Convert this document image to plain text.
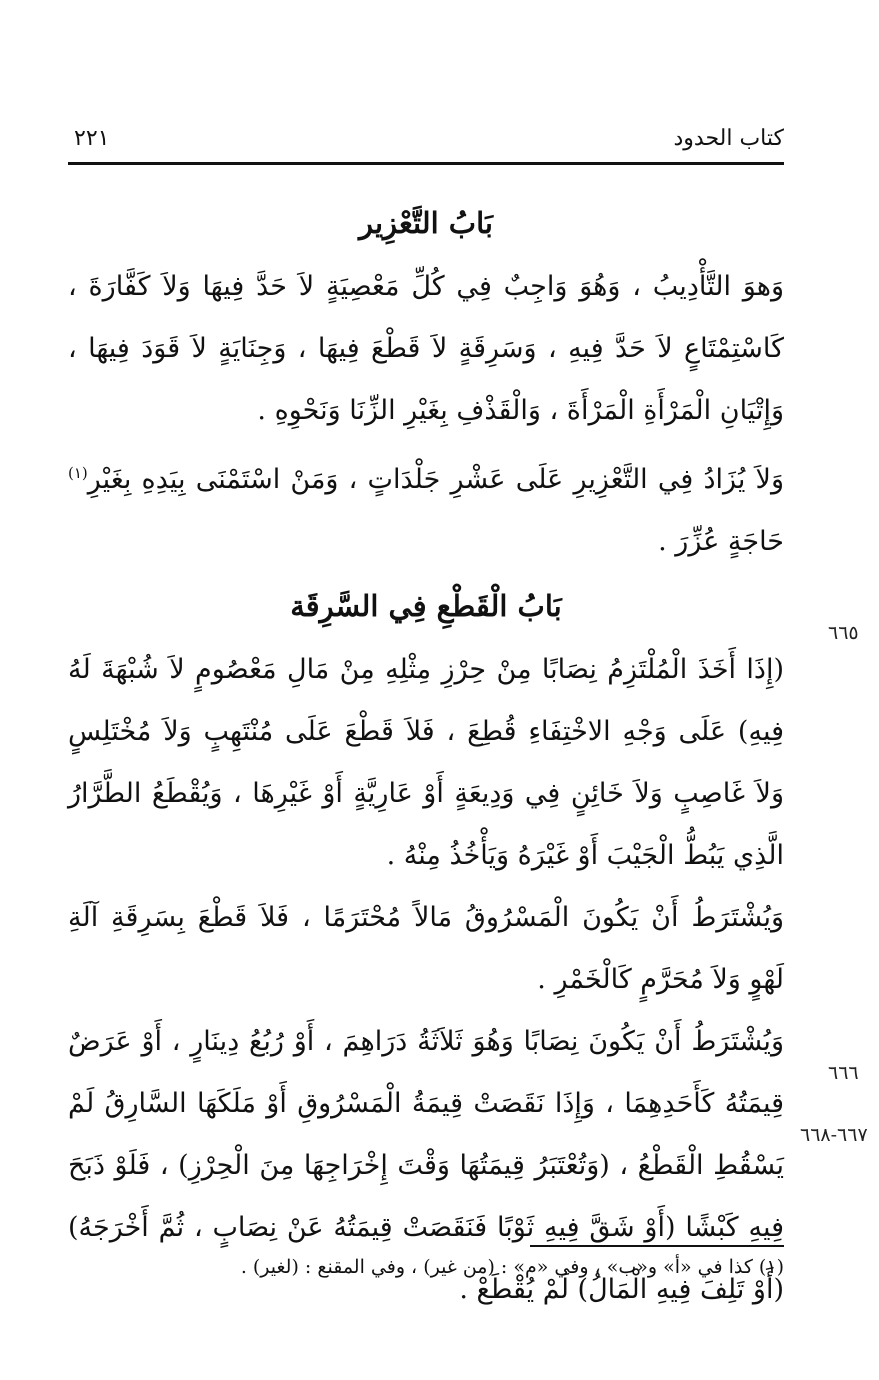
كتاب الحدود
٢٢١
بَابُ التَّعْزِير

وَهوَ التَّأْدِيبُ ، وَهُوَ وَاجِبٌ فِي كُلِّ مَعْصِيَةٍ لاَ حَدَّ فِيهَا وَلاَ كَفَّارَةَ ، كَاسْتِمْتَاعٍ لاَ حَدَّ فِيهِ ، وَسَرِقَةٍ لاَ قَطْعَ فِيهَا ، وَجِنَايَةٍ لاَ قَوَدَ فِيهَا ، وَإِتْيَانِ الْمَرْأَةِ الْمَرْأَةَ ، وَالْقَذْفِ بِغَيْرِ الزِّنَا وَنَحْوِهِ .

وَلاَ يُزَادُ فِي التَّعْزِيرِ عَلَى عَشْرِ جَلْدَاتٍ ، وَمَنْ اسْتَمْنَى بِيَدِهِ بِغَيْرِ$^{(١)}$ حَاجَةٍ عُزِّرَ .

بَابُ الْقَطْعِ فِي السَّرِقَة

(إِذَا أَخَذَ الْمُلْتَزِمُ نِصَابًا مِنْ حِرْزِ مِثْلِهِ مِنْ مَالِ مَعْصُومٍ لاَ شُبْهَةَ لَهُ فِيهِ) عَلَى وَجْهِ الاخْتِفَاءِ قُطِعَ ، فَلاَ قَطْعَ عَلَى مُنْتَهِبٍ وَلاَ مُخْتَلِسٍ وَلاَ غَاصِبٍ وَلاَ خَائِنٍ فِي وَدِيعَةٍ أَوْ عَارِيَّةٍ أَوْ غَيْرِهَا ، وَيُقْطَعُ الطَّرَّارُ الَّذِي يَبُطُّ الْجَيْبَ أَوْ غَيْرَهُ وَيَأْخُذُ مِنْهُ .

وَيُشْتَرَطُ أَنْ يَكُونَ الْمَسْرُوقُ مَالاً مُحْتَرَمًا ، فَلاَ قَطْعَ بِسَرِقَةِ آلَةِ لَهْوٍ وَلاَ مُحَرَّمٍ كَالْخَمْرِ .

وَيُشْتَرَطُ أَنْ يَكُونَ نِصَابًا وَهُوَ ثَلاَثَةُ دَرَاهِمَ ، أَوْ رُبُعُ دِينَارٍ ، أَوْ عَرَضٌ قِيمَتُهُ كَأَحَدِهِمَا ، وَإِذَا نَقَصَتْ قِيمَةُ الْمَسْرُوقِ أَوْ مَلَكَهَا السَّارِقُ لَمْ يَسْقُطِ الْقَطْعُ ، (وَتُعْتَبَرُ قِيمَتُهَا وَقْتَ إِخْرَاجِهَا مِنَ الْحِرْزِ) ، فَلَوْ ذَبَحَ فِيهِ كَبْشًا (أَوْ شَقَّ فِيهِ ثَوْبًا فَنَقَصَتْ قِيمَتُهُ عَنْ نِصَابٍ ، ثُمَّ أَخْرَجَهُ) (أَوْ تَلِفَ فِيهِ الْمَالُ) لَمْ يُقْطَعْ .

٦٦٥
٦٦٦
٦٦٧-٦٦٨
(١) كذا في «أ» و«ب» ، وفي «م» : (من غير) ، وفي المقنع : (لغير) .
